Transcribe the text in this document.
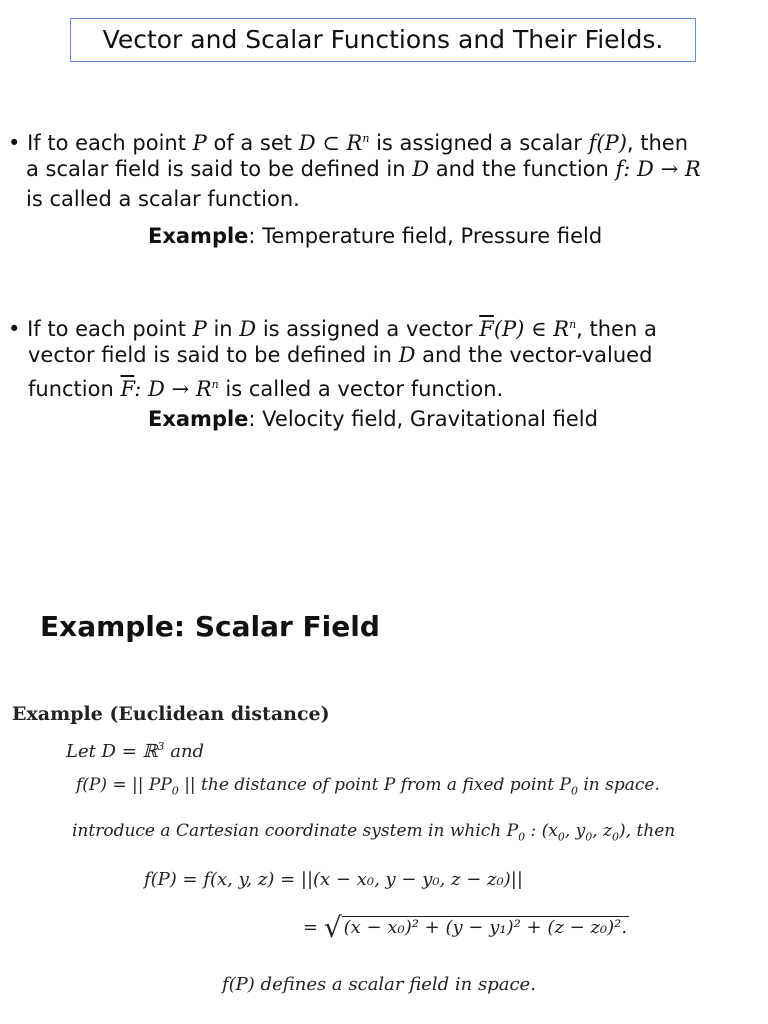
Vector and Scalar Functions and Their Fields.
• If to each point P of a set D ⊂ $R^n$ is assigned a scalar f(P), then
a scalar field is said to be defined in D and the function f: D → R
is called a scalar function.
Example: Temperature field, Pressure field
• If to each point P in D is assigned a vector $\overline{F}(P)$ ∈ $R^n$, then a
vector field is said to be defined in D and the vector-valued
function $\overline{F}$: $D \to R^n$ is called a vector function.
Example: Velocity field, Gravitational field
Example: Scalar Field
Example (Euclidean distance)
Let D = ℝ$^3$ and
f(P) = || $PP_0$ || the distance of point P from a fixed point $P_0$ in space.
introduce a Cartesian coordinate system in which $P_0$ : ($x_0$, $y_0$, $z_0$), then
f(P) = f(x, y, z) = ||(x − x₀, y − y₀, z − z₀)||
= √ (x − x₀)² + (y − y₁)² + (z − z₀)².
f(P) defines a scalar field in space.
